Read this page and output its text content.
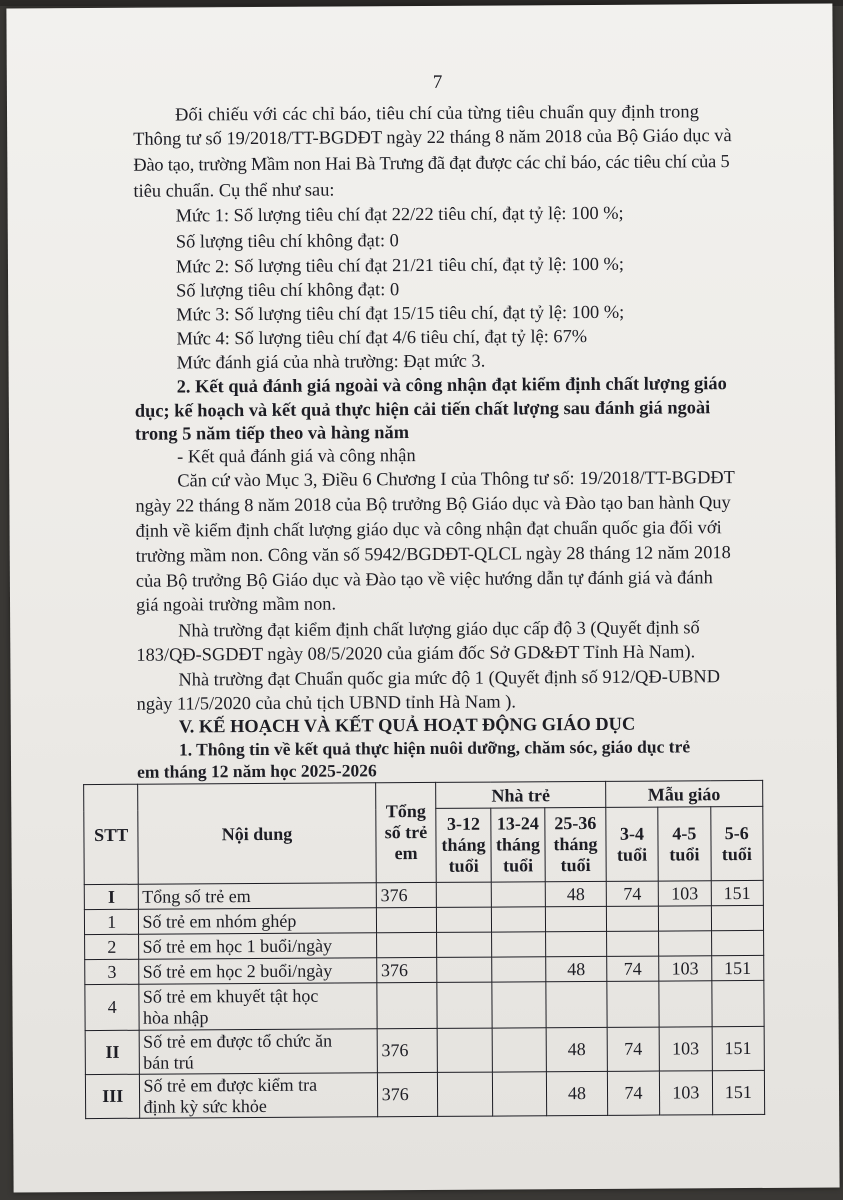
7
Đối chiếu với các chỉ báo, tiêu chí của từng tiêu chuẩn quy định trong
Thông tư số 19/2018/TT-BGDĐT ngày 22 tháng 8 năm 2018 của Bộ Giáo dục và
Đào tạo, trường Mầm non Hai Bà Trưng đã đạt được các chỉ báo, các tiêu chí của 5
tiêu chuẩn. Cụ thể như sau:
Mức 1: Số lượng tiêu chí đạt 22/22 tiêu chí, đạt tỷ lệ: 100 %;
Số lượng tiêu chí không đạt: 0
Mức 2: Số lượng tiêu chí đạt 21/21 tiêu chí, đạt tỷ lệ: 100 %;
Số lượng tiêu chí không đạt: 0
Mức 3: Số lượng tiêu chí đạt 15/15 tiêu chí, đạt tỷ lệ: 100 %;
Mức 4: Số lượng tiêu chí đạt 4/6 tiêu chí, đạt tỷ lệ: 67%
Mức đánh giá của nhà trường: Đạt mức 3.
2. Kết quả đánh giá ngoài và công nhận đạt kiểm định chất lượng giáo
dục; kế hoạch và kết quả thực hiện cải tiến chất lượng sau đánh giá ngoài
trong 5 năm tiếp theo và hàng năm
- Kết quả đánh giá và công nhận
Căn cứ vào Mục 3, Điều 6 Chương I của Thông tư số: 19/2018/TT-BGDĐT
ngày 22 tháng 8 năm 2018 của Bộ trưởng Bộ Giáo dục và Đào tạo ban hành Quy
định về kiểm định chất lượng giáo dục và công nhận đạt chuẩn quốc gia đối với
trường mầm non. Công văn số 5942/BGDĐT-QLCL ngày 28 tháng 12 năm 2018
của Bộ trưởng Bộ Giáo dục và Đào tạo về việc hướng dẫn tự đánh giá và đánh
giá ngoài trường mầm non.
Nhà trường đạt kiểm định chất lượng giáo dục cấp độ 3 (Quyết định số
183/QĐ-SGDĐT ngày 08/5/2020 của giám đốc Sở GD&ĐT Tỉnh Hà Nam).
Nhà trường đạt Chuẩn quốc gia mức độ 1 (Quyết định số 912/QĐ-UBND
ngày 11/5/2020 của chủ tịch UBND tỉnh Hà Nam ).
V. KẾ HOẠCH VÀ KẾT QUẢ HOẠT ĐỘNG GIÁO DỤC
1. Thông tin về kết quả thực hiện nuôi dưỡng, chăm sóc, giáo dục trẻ
em tháng 12 năm học 2025-2026
STT	Nội dung	Tổng
số trẻ
em	Nhà trẻ			Mẫu giáo		

			3-12
tháng
tuổi	13-24
tháng
tuổi	25-36
tháng
tuổi	3-4
tuổi	4-5
tuổi	5-6
tuổi

I	Tổng số trẻ em	376			48	74	103	151
1	Số trẻ em nhóm ghép							
2	Số trẻ em học 1 buổi/ngày							
3	Số trẻ em học 2 buổi/ngày	376			48	74	103	151
4	Số trẻ em khuyết tật học
hòa nhập							

II	Số trẻ em được tổ chức ăn
bán trú	376			48	74	103	151
III	Số trẻ em được kiểm tra
định kỳ sức khỏe	376			48	74	103	151
